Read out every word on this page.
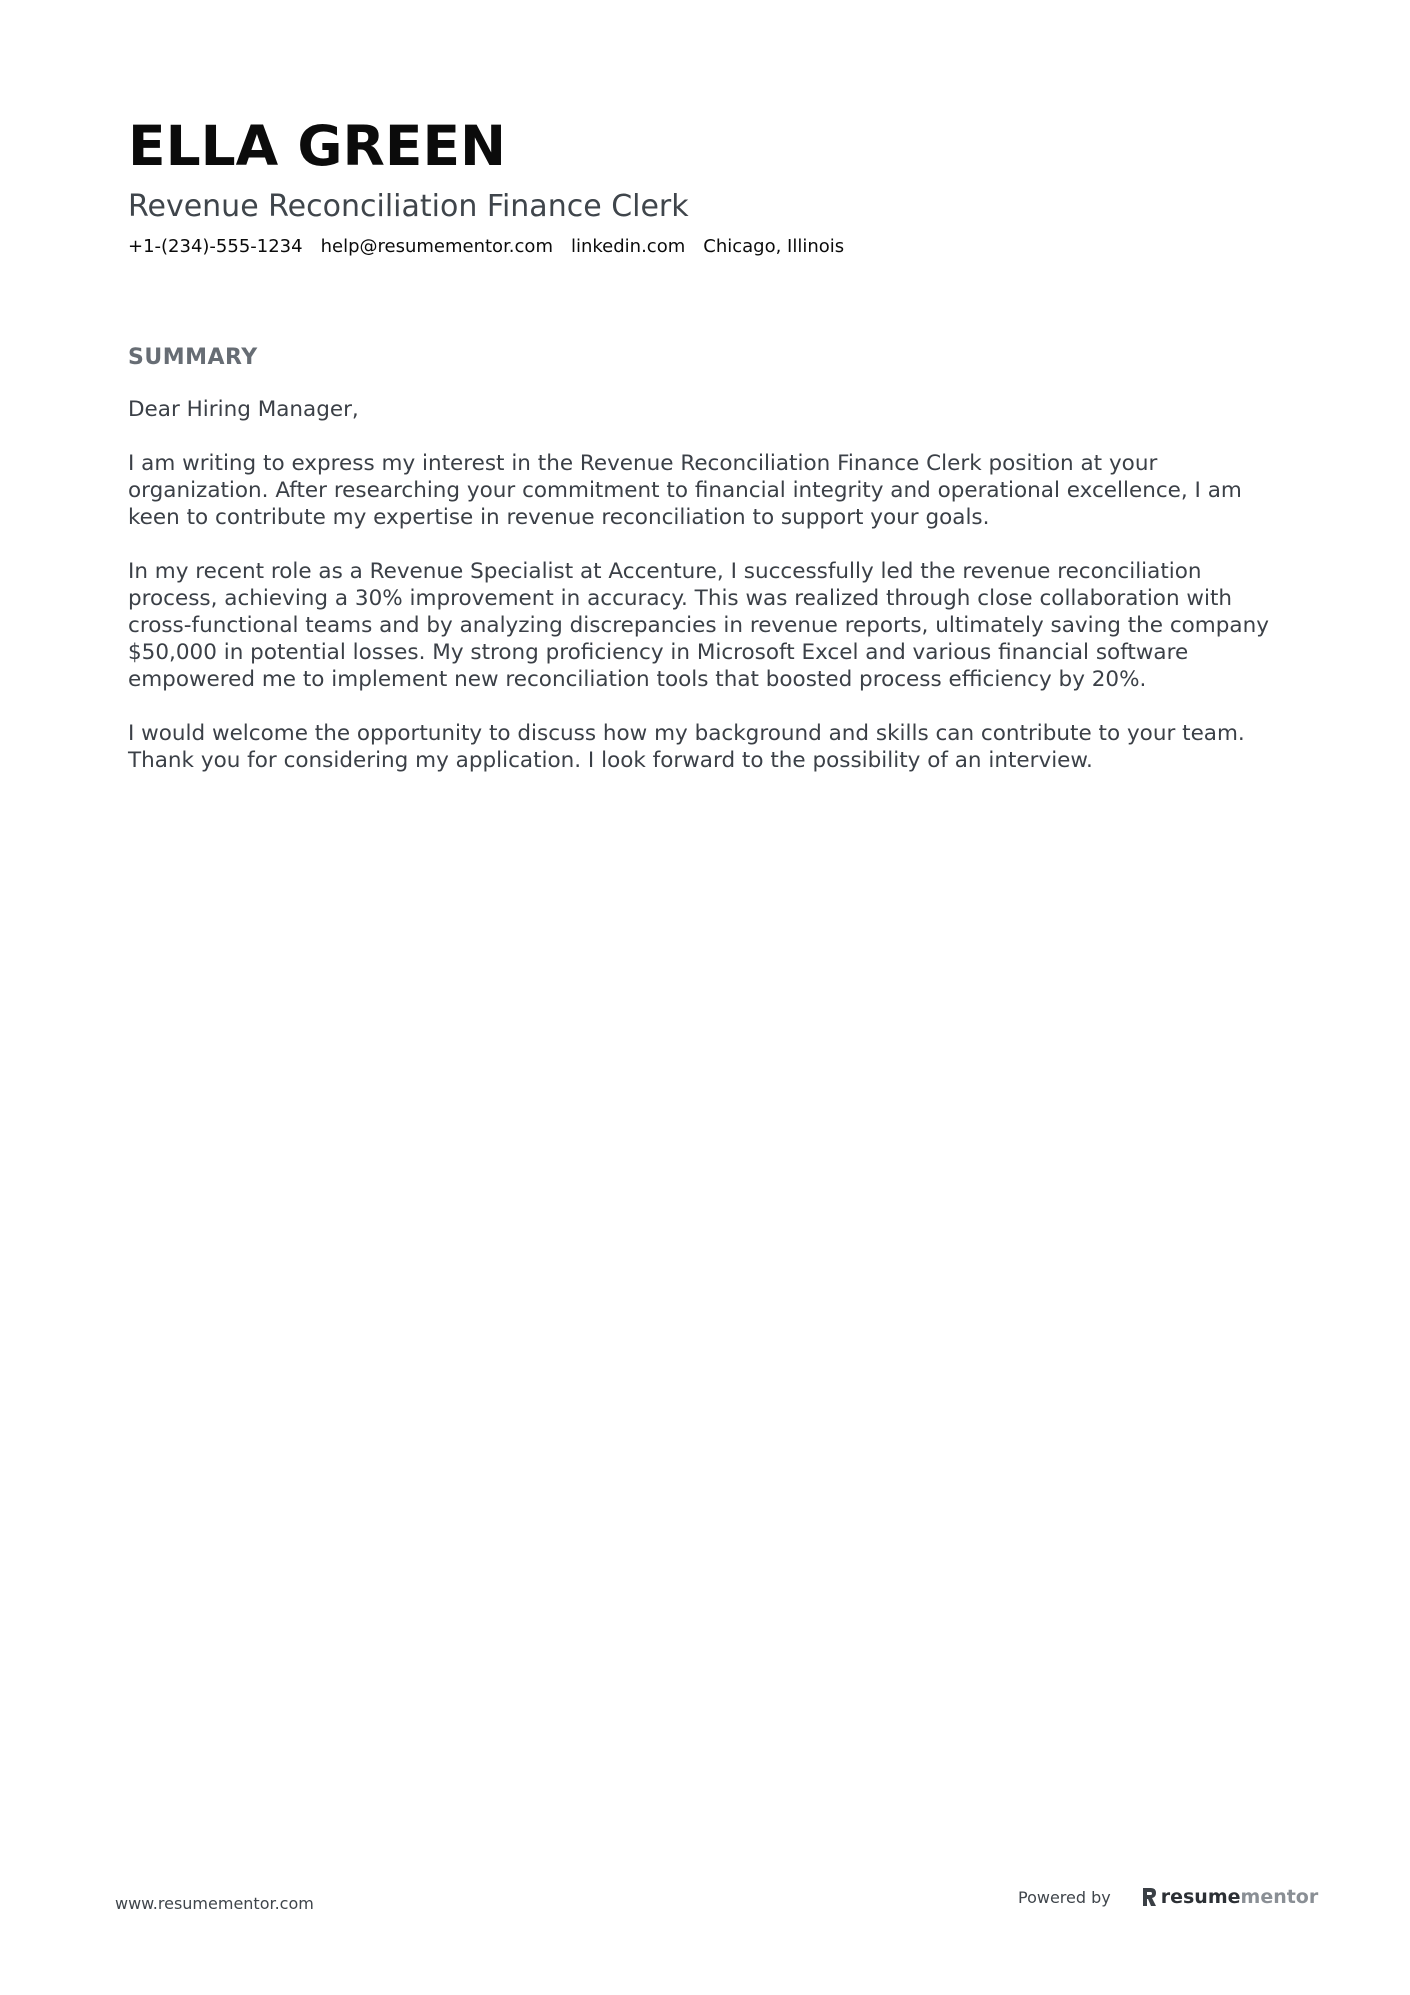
ELLA GREEN
Revenue Reconciliation Finance Clerk
+1-(234)-555-1234 help@resumementor.com linkedin.com Chicago, Illinois
SUMMARY

Dear Hiring Manager,

I am writing to express my interest in the Revenue Reconciliation Finance Clerk position at your organization. After researching your commitment to financial integrity and operational excellence, I am keen to contribute my expertise in revenue reconciliation to support your goals.

In my recent role as a Revenue Specialist at Accenture, I successfully led the revenue reconciliation process, achieving a 30% improvement in accuracy. This was realized through close collaboration with cross-functional teams and by analyzing discrepancies in revenue reports, ultimately saving the company $50,000 in potential losses. My strong proficiency in Microsoft Excel and various financial software empowered me to implement new reconciliation tools that boosted process efficiency by 20%.

I would welcome the opportunity to discuss how my background and skills can contribute to your team. Thank you for considering my application. I look forward to the possibility of an interview.

www.resumementor.com	Powered by	resume mentor
